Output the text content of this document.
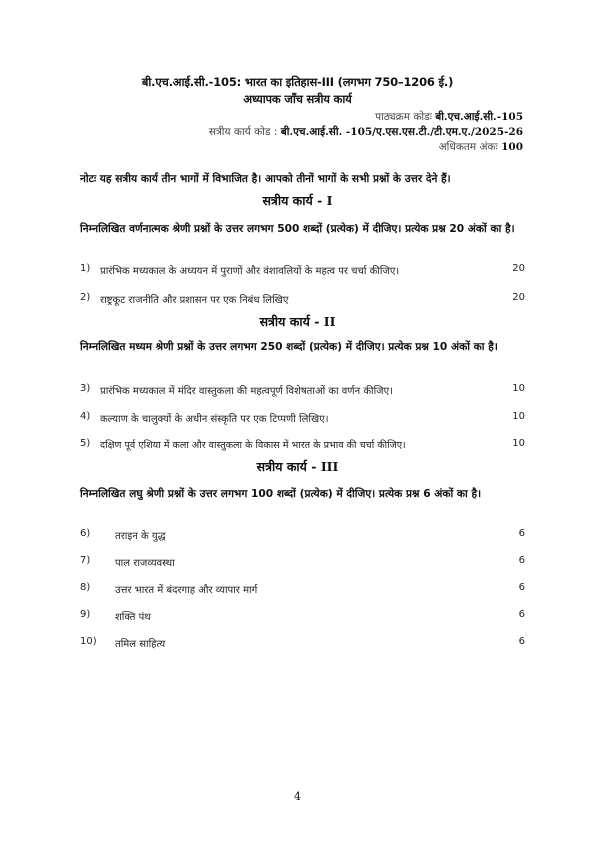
बी.एच.आई.सी.-105: भारत का इतिहास-III (लगभग 750–1206 ई.)
अध्यापक जाँच सत्रीय कार्य
पाठ्यक्रम कोडः बी.एच.आई.सी.-105
सत्रीय कार्य कोड : बी.एच.आई.सी. -105/ए.एस.एस.टी./टी.एम.ए./2025-26
अधिकतम अंकः 100
नोटः यह सत्रीय कार्य तीन भागों में विभाजित है। आपको तीनों भागों के सभी प्रश्नों के उत्तर देने हैं।
सत्रीय कार्य - I
निम्नलिखित वर्णनात्मक श्रेणी प्रश्नों के उत्तर लगभग 500 शब्दों (प्रत्येक) में दीजिए। प्रत्येक प्रश्न 20 अंकों का है।
1) प्रारंभिक मध्यकाल के अध्ययन में पुराणों और वंशावलियों के महत्व पर चर्चा कीजिए।	20
2) राष्ट्रकूट राजनीति और प्रशासन पर एक निबंध लिखिए	20
सत्रीय कार्य - II
निम्नलिखित मध्यम श्रेणी प्रश्नों के उत्तर लगभग 250 शब्दों (प्रत्येक) में दीजिए। प्रत्येक प्रश्न 10 अंकों का है।
3) प्रारंभिक मध्यकाल में मंदिर वास्तुकला की महत्वपूर्ण विशेषताओं का वर्णन कीजिए।	10
4) कल्याण के चालुक्यों के अधीन संस्कृति पर एक टिप्पणी लिखिए।	10
5) दक्षिण पूर्व एशिया में कला और वास्तुकला के विकास में भारत के प्रभाव की चर्चा कीजिए।	10
सत्रीय कार्य - III
निम्नलिखित लघु श्रेणी प्रश्नों के उत्तर लगभग 100 शब्दों (प्रत्येक) में दीजिए। प्रत्येक प्रश्न 6 अंकों का है।
6) तराइन के युद्ध	6
7) पाल राजव्यवस्था	6
8) उत्तर भारत में बंदरगाह और व्यापार मार्ग	6
9) शक्ति पंथ	6
10) तमिल साहित्य	6
4
